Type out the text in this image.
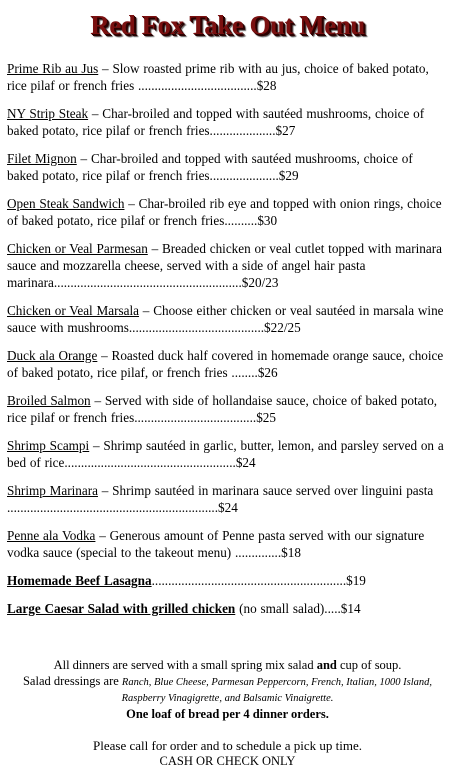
Red Fox Take Out Menu

Prime Rib au Jus – Slow roasted prime rib with au jus, choice of baked potato, rice pilaf or french fries ....................................$28

NY Strip Steak – Char-broiled and topped with sautéed mushrooms, choice of baked potato, rice pilaf or french fries....................$27

Filet Mignon – Char-broiled and topped with sautéed mushrooms, choice of baked potato, rice pilaf or french fries.....................$29

Open Steak Sandwich – Char-broiled rib eye and topped with onion rings, choice of baked potato, rice pilaf or french fries..........$30

Chicken or Veal Parmesan – Breaded chicken or veal cutlet topped with marinara sauce and mozzarella cheese, served with a side of angel hair pasta marinara.........................................................$20/23

Chicken or Veal Marsala – Choose either chicken or veal sautéed in marsala wine sauce with mushrooms.........................................$22/25

Duck ala Orange – Roasted duck half covered in homemade orange sauce, choice of baked potato, rice pilaf, or french fries ........$26

Broiled Salmon – Served with side of hollandaise sauce, choice of baked potato, rice pilaf or french fries.....................................$25

Shrimp Scampi – Shrimp sautéed in garlic, butter, lemon, and parsley served on a bed of rice....................................................$24

Shrimp Marinara – Shrimp sautéed in marinara sauce served over linguini pasta ................................................................$24

Penne ala Vodka – Generous amount of Penne pasta served with our signature vodka sauce (special to the takeout menu) ..............$18

Homemade Beef Lasagna...........................................................$19

Large Caesar Salad with grilled chicken (no small salad).....$14

All dinners are served with a small spring mix salad and cup of soup.
Salad dressings are Ranch, Blue Cheese, Parmesan Peppercorn, French, Italian, 1000 Island, Raspberry Vinagigrette, and Balsamic Vinaigrette.
One loaf of bread per 4 dinner orders.
Please call for order and to schedule a pick up time.
CASH OR CHECK ONLY
